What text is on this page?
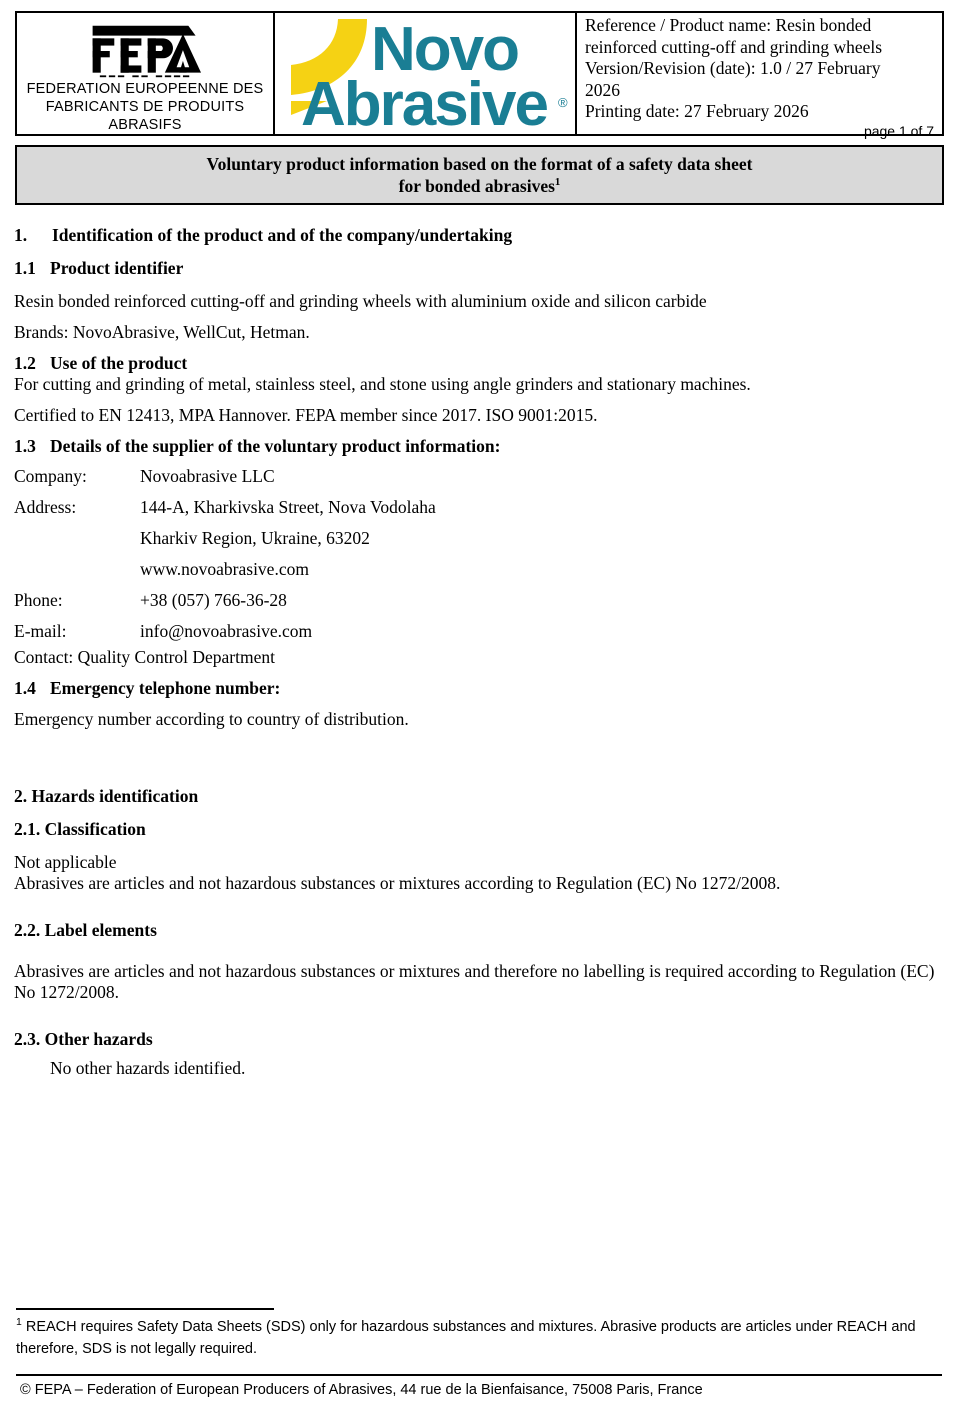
FEDERATION EUROPEENNE DES
FABRICANTS DE PRODUITS ABRASIFS
Novo
Abrasive ®
Reference / Product name: Resin bonded
reinforced cutting-off and grinding wheels
Version/Revision (date): 1.0 / 27 February
2026
Printing date: 27 February 2026
page 1 of 7
Voluntary product information based on the format of a safety data sheet
for bonded abrasives$^1$
1. Identification of the product and of the company/undertaking
1.1 Product identifier
Resin bonded reinforced cutting-off and grinding wheels with aluminium oxide and silicon carbide
Brands: NovoAbrasive, WellCut, Hetman.
1.2 Use of the product
For cutting and grinding of metal, stainless steel, and stone using angle grinders and stationary machines.
Certified to EN 12413, MPA Hannover. FEPA member since 2017. ISO 9001:2015.
1.3 Details of the supplier of the voluntary product information:
Company:	Novoabrasive LLC
Address:	144-A, Kharkivska Street, Nova Vodolaha
Kharkiv Region, Ukraine, 63202
www.novoabrasive.com
Phone:	+38 (057) 766-36-28
E-mail:	info@novoabrasive.com
Contact: Quality Control Department
1.4 Emergency telephone number:
Emergency number according to country of distribution.
2. Hazards identification
2.1. Classification
Not applicable
Abrasives are articles and not hazardous substances or mixtures according to Regulation (EC) No 1272/2008.
2.2. Label elements
Abrasives are articles and not hazardous substances or mixtures and therefore no labelling is required according to Regulation (EC) No 1272/2008.
2.3. Other hazards
No other hazards identified.
$^1$ REACH requires Safety Data Sheets (SDS) only for hazardous substances and mixtures. Abrasive products are articles under REACH and therefore, SDS is not legally required.
© FEPA – Federation of European Producers of Abrasives, 44 rue de la Bienfaisance, 75008 Paris, France
